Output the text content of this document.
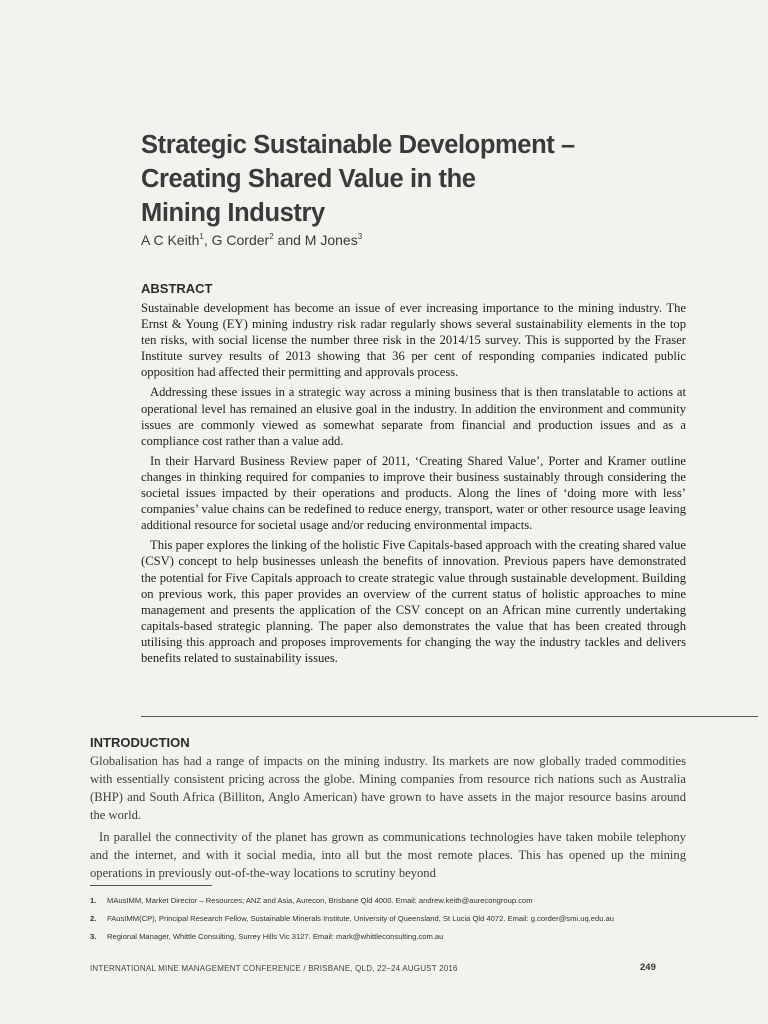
Strategic Sustainable Development –
Creating Shared Value in the
Mining Industry
A C Keith$^1$, G Corder$^2$ and M Jones$^3$
ABSTRACT

Sustainable development has become an issue of ever increasing importance to the mining industry. The Ernst & Young (EY) mining industry risk radar regularly shows several sustainability elements in the top ten risks, with social license the number three risk in the 2014/15 survey. This is supported by the Fraser Institute survey results of 2013 showing that 36 per cent of responding companies indicated public opposition had affected their permitting and approvals process.

Addressing these issues in a strategic way across a mining business that is then translatable to actions at operational level has remained an elusive goal in the industry. In addition the environment and community issues are commonly viewed as somewhat separate from financial and production issues and as a compliance cost rather than a value add.

In their Harvard Business Review paper of 2011, ‘Creating Shared Value’, Porter and Kramer outline changes in thinking required for companies to improve their business sustainably through considering the societal issues impacted by their operations and products. Along the lines of ‘doing more with less’ companies’ value chains can be redefined to reduce energy, transport, water or other resource usage leaving additional resource for societal usage and/or reducing environmental impacts.

This paper explores the linking of the holistic Five Capitals-based approach with the creating shared value (CSV) concept to help businesses unleash the benefits of innovation. Previous papers have demonstrated the potential for Five Capitals approach to create strategic value through sustainable development. Building on previous work, this paper provides an overview of the current status of holistic approaches to mine management and presents the application of the CSV concept on an African mine currently undertaking capitals-based strategic planning. The paper also demonstrates the value that has been created through utilising this approach and proposes improvements for changing the way the industry tackles and delivers benefits related to sustainability issues.

INTRODUCTION

Globalisation has had a range of impacts on the mining industry. Its markets are now globally traded commodities with essentially consistent pricing across the globe. Mining companies from resource rich nations such as Australia (BHP) and South Africa (Billiton, Anglo American) have grown to have assets in the major resource basins around the world.

In parallel the connectivity of the planet has grown as communications technologies have taken mobile telephony and the internet, and with it social media, into all but the most remote places. This has opened up the mining operations in previously out-of-the-way locations to scrutiny beyond

1. MAusIMM, Market Director – Resources; ANZ and Asia, Aurecon, Brisbane Qld 4000. Email: andrew.keith@aurecongroup.com
2. FAusIMM(CP), Principal Research Fellow, Sustainable Minerals Institute, University of Queensland, St Lucia Qld 4072. Email: g.corder@smi.uq.edu.au
3. Regional Manager, Whittle Consulting, Surrey Hills Vic 3127. Email: mark@whittleconsulting.com.au
INTERNATIONAL MINE MANAGEMENT CONFERENCE / BRISBANE, QLD, 22–24 AUGUST 2016	249
